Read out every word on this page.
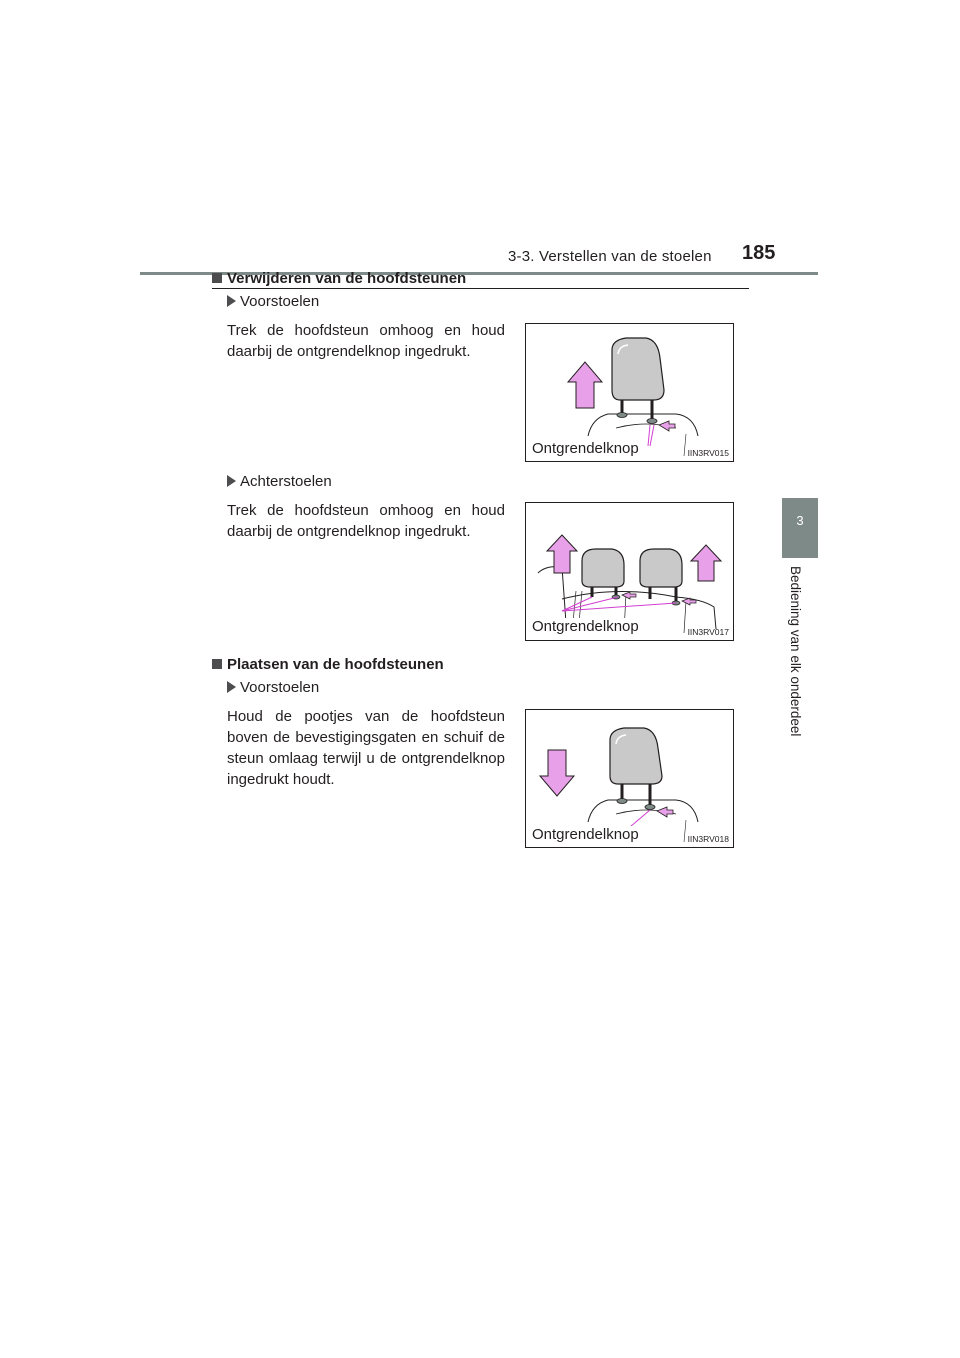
3-3. Verstellen van de stoelen 185
3
Bediening van elk onderdeel
Verwijderen van de hoofdsteunen
Voorstoelen
Trek de hoofdsteun omhoog en houd daarbij de ontgrendelknop ingedrukt.
Ontgrendelknop	IIN3RV015
Achterstoelen
Trek de hoofdsteun omhoog en houd daarbij de ontgrendelknop ingedrukt.
Ontgrendelknop	IIN3RV017
Plaatsen van de hoofdsteunen
Voorstoelen
Houd de pootjes van de hoofdsteun boven de bevestigingsgaten en schuif de steun omlaag terwijl u de ontgrendelknop ingedrukt houdt.
Ontgrendelknop	IIN3RV018
